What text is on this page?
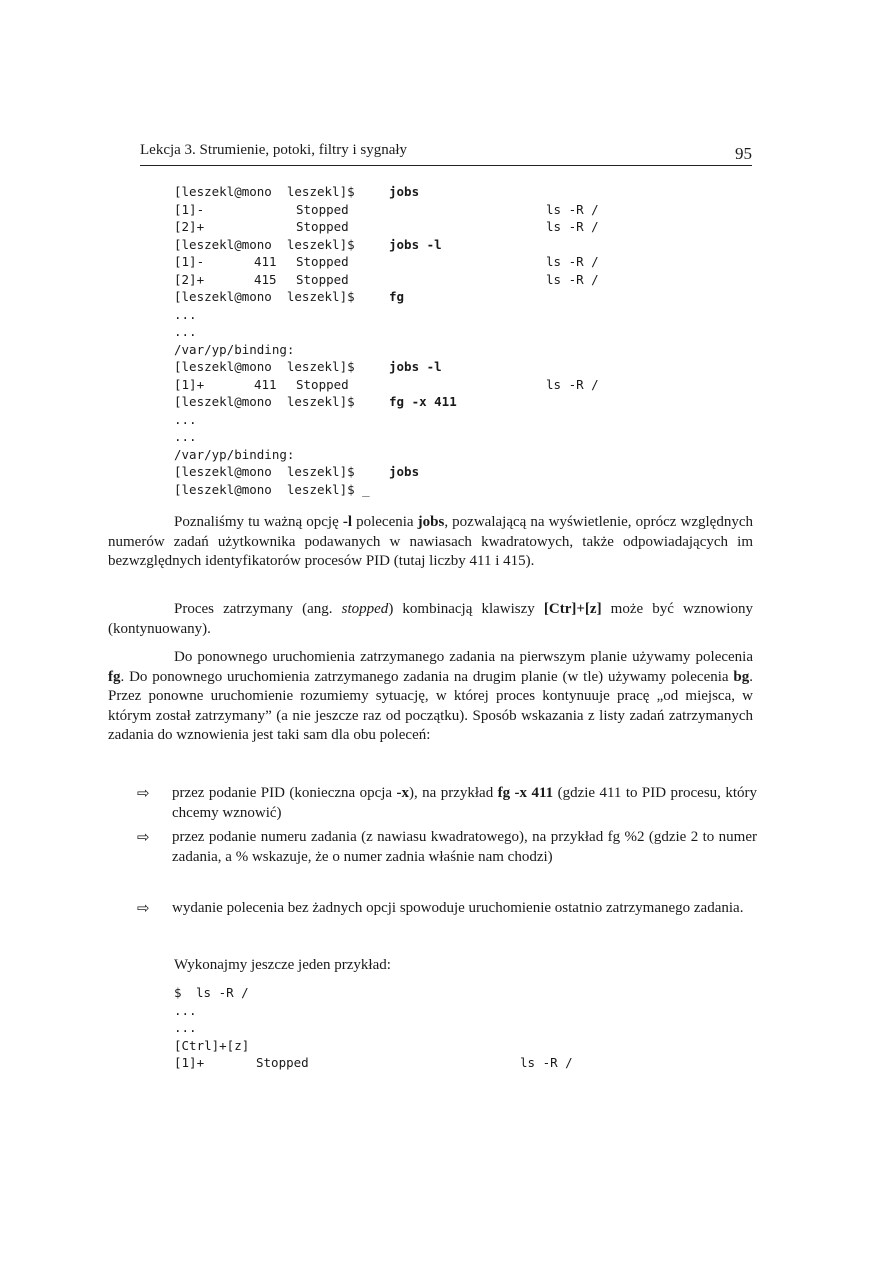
Lekcja 3. Strumienie, potoki, filtry i sygnały	95
[leszekl@mono  leszekl]$ jobs
[1]-	Stopped	ls -R /
[2]+	Stopped	ls -R /
[leszekl@mono  leszekl]$ jobs -l
[1]-	411 Stopped	ls -R /
[2]+	415 Stopped	ls -R /
[leszekl@mono  leszekl]$ fg
...
...
/var/yp/binding:
[leszekl@mono  leszekl]$ jobs -l
[1]+	411 Stopped	ls -R /
[leszekl@mono  leszekl]$ fg -x 411
...
...
/var/yp/binding:
[leszekl@mono  leszekl]$ jobs
[leszekl@mono  leszekl]$ _

Poznaliśmy tu ważną opcję -l polecenia jobs, pozwalającą na wyświetlenie, oprócz względnych numerów zadań użytkownika podawanych w nawiasach kwadratowych, także odpowiadających im bezwzględnych identyfikatorów procesów PID (tutaj liczby 411 i 415).

Proces zatrzymany (ang. stopped) kombinacją klawiszy [Ctr]+[z] może być wznowiony (kontynuowany).

Do ponownego uruchomienia zatrzymanego zadania na pierwszym planie używamy polecenia fg. Do ponownego uruchomienia zatrzymanego zadania na drugim planie (w tle) używamy polecenia bg. Przez ponowne uruchomienie rozumiemy sytuację, w której proces kontynuuje pracę „od miejsca, w którym został zatrzymany” (a nie jeszcze raz od początku). Sposób wskazania z listy zadań zatrzymanych zadania do wznowienia jest taki sam dla obu poleceń:

⇨ przez podanie PID (konieczna opcja -x), na przykład fg -x 411 (gdzie 411 to PID procesu, który chcemy wznowić)

⇨ przez podanie numeru zadania (z nawiasu kwadratowego), na przykład fg %2 (gdzie 2 to numer zadania, a % wskazuje, że o numer zadnia właśnie nam chodzi)

⇨ wydanie polecenia bez żadnych opcji spowoduje uruchomienie ostatnio zatrzymanego zadania.

Wykonajmy jeszcze jeden przykład:
$ ls -R /
...
...
[Ctrl]+[z]
[1]+	Stopped	ls -R /
